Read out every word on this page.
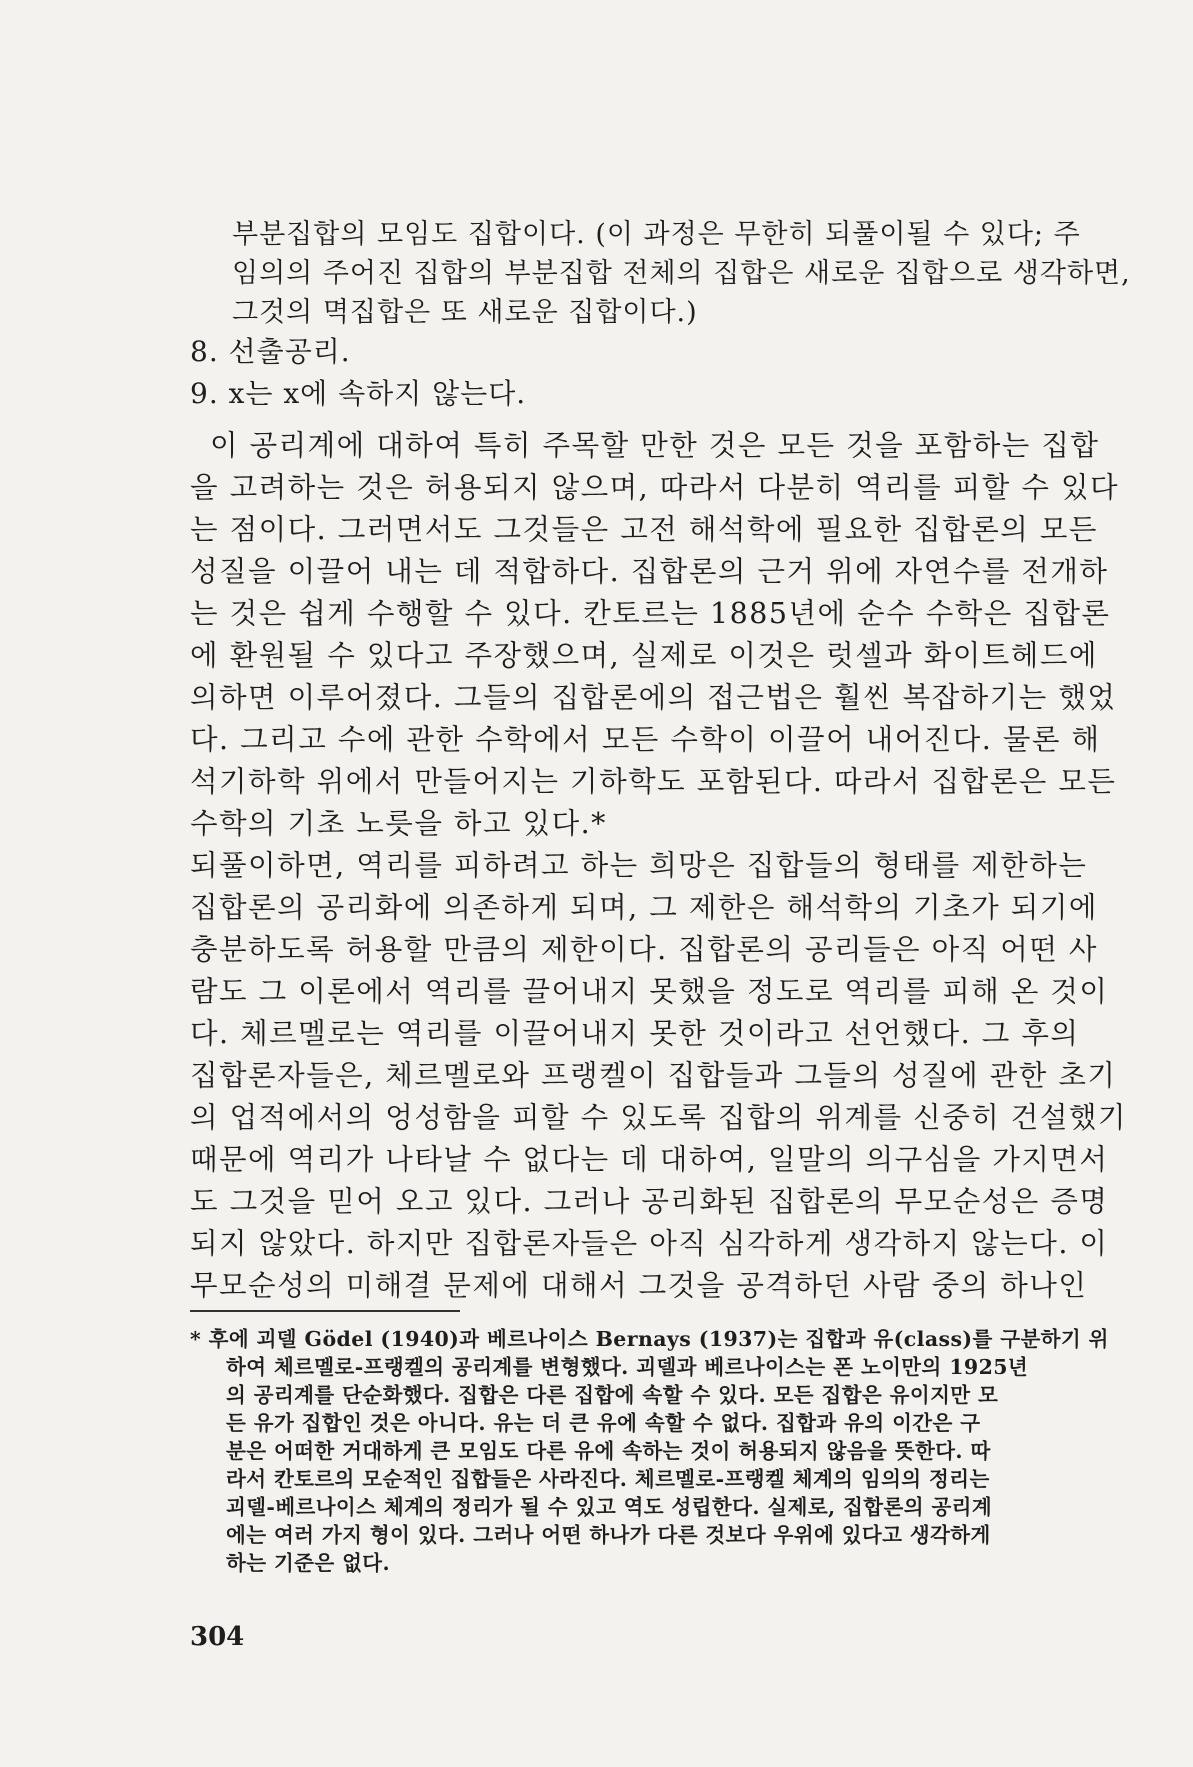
부분집합의 모임도 집합이다. (이 과정은 무한히 되풀이될 수 있다; 주
임의의 주어진 집합의 부분집합 전체의 집합은 새로운 집합으로 생각하면,
그것의 멱집합은 또 새로운 집합이다.)
8. 선출공리.
9. x는 x에 속하지 않는다.
이 공리계에 대하여 특히 주목할 만한 것은 모든 것을 포함하는 집합
을 고려하는 것은 허용되지 않으며, 따라서 다분히 역리를 피할 수 있다
는 점이다. 그러면서도 그것들은 고전 해석학에 필요한 집합론의 모든
성질을 이끌어 내는 데 적합하다. 집합론의 근거 위에 자연수를 전개하
는 것은 쉽게 수행할 수 있다. 칸토르는 1885년에 순수 수학은 집합론
에 환원될 수 있다고 주장했으며, 실제로 이것은 럿셀과 화이트헤드에
의하면 이루어졌다. 그들의 집합론에의 접근법은 훨씬 복잡하기는 했었
다. 그리고 수에 관한 수학에서 모든 수학이 이끌어 내어진다. 물론 해
석기하학 위에서 만들어지는 기하학도 포함된다. 따라서 집합론은 모든
수학의 기초 노릇을 하고 있다.*
되풀이하면, 역리를 피하려고 하는 희망은 집합들의 형태를 제한하는
집합론의 공리화에 의존하게 되며, 그 제한은 해석학의 기초가 되기에
충분하도록 허용할 만큼의 제한이다. 집합론의 공리들은 아직 어떤 사
람도 그 이론에서 역리를 끌어내지 못했을 정도로 역리를 피해 온 것이
다. 체르멜로는 역리를 이끌어내지 못한 것이라고 선언했다. 그 후의
집합론자들은, 체르멜로와 프랭켈이 집합들과 그들의 성질에 관한 초기
의 업적에서의 엉성함을 피할 수 있도록 집합의 위계를 신중히 건설했기
때문에 역리가 나타날 수 없다는 데 대하여, 일말의 의구심을 가지면서
도 그것을 믿어 오고 있다. 그러나 공리화된 집합론의 무모순성은 증명
되지 않았다. 하지만 집합론자들은 아직 심각하게 생각하지 않는다. 이
무모순성의 미해결 문제에 대해서 그것을 공격하던 사람 중의 하나인
* 후에 괴델 Gödel (1940)과 베르나이스 Bernays (1937)는 집합과 유(class)를 구분하기 위
하여 체르멜로-프랭켈의 공리계를 변형했다. 괴델과 베르나이스는 폰 노이만의 1925년
의 공리계를 단순화했다. 집합은 다른 집합에 속할 수 있다. 모든 집합은 유이지만 모
든 유가 집합인 것은 아니다. 유는 더 큰 유에 속할 수 없다. 집합과 유의 이간은 구
분은 어떠한 거대하게 큰 모임도 다른 유에 속하는 것이 허용되지 않음을 뜻한다. 따
라서 칸토르의 모순적인 집합들은 사라진다. 체르멜로-프랭켈 체계의 임의의 정리는
괴델-베르나이스 체계의 정리가 될 수 있고 역도 성립한다. 실제로, 집합론의 공리계
에는 여러 가지 형이 있다. 그러나 어떤 하나가 다른 것보다 우위에 있다고 생각하게
하는 기준은 없다.
304
